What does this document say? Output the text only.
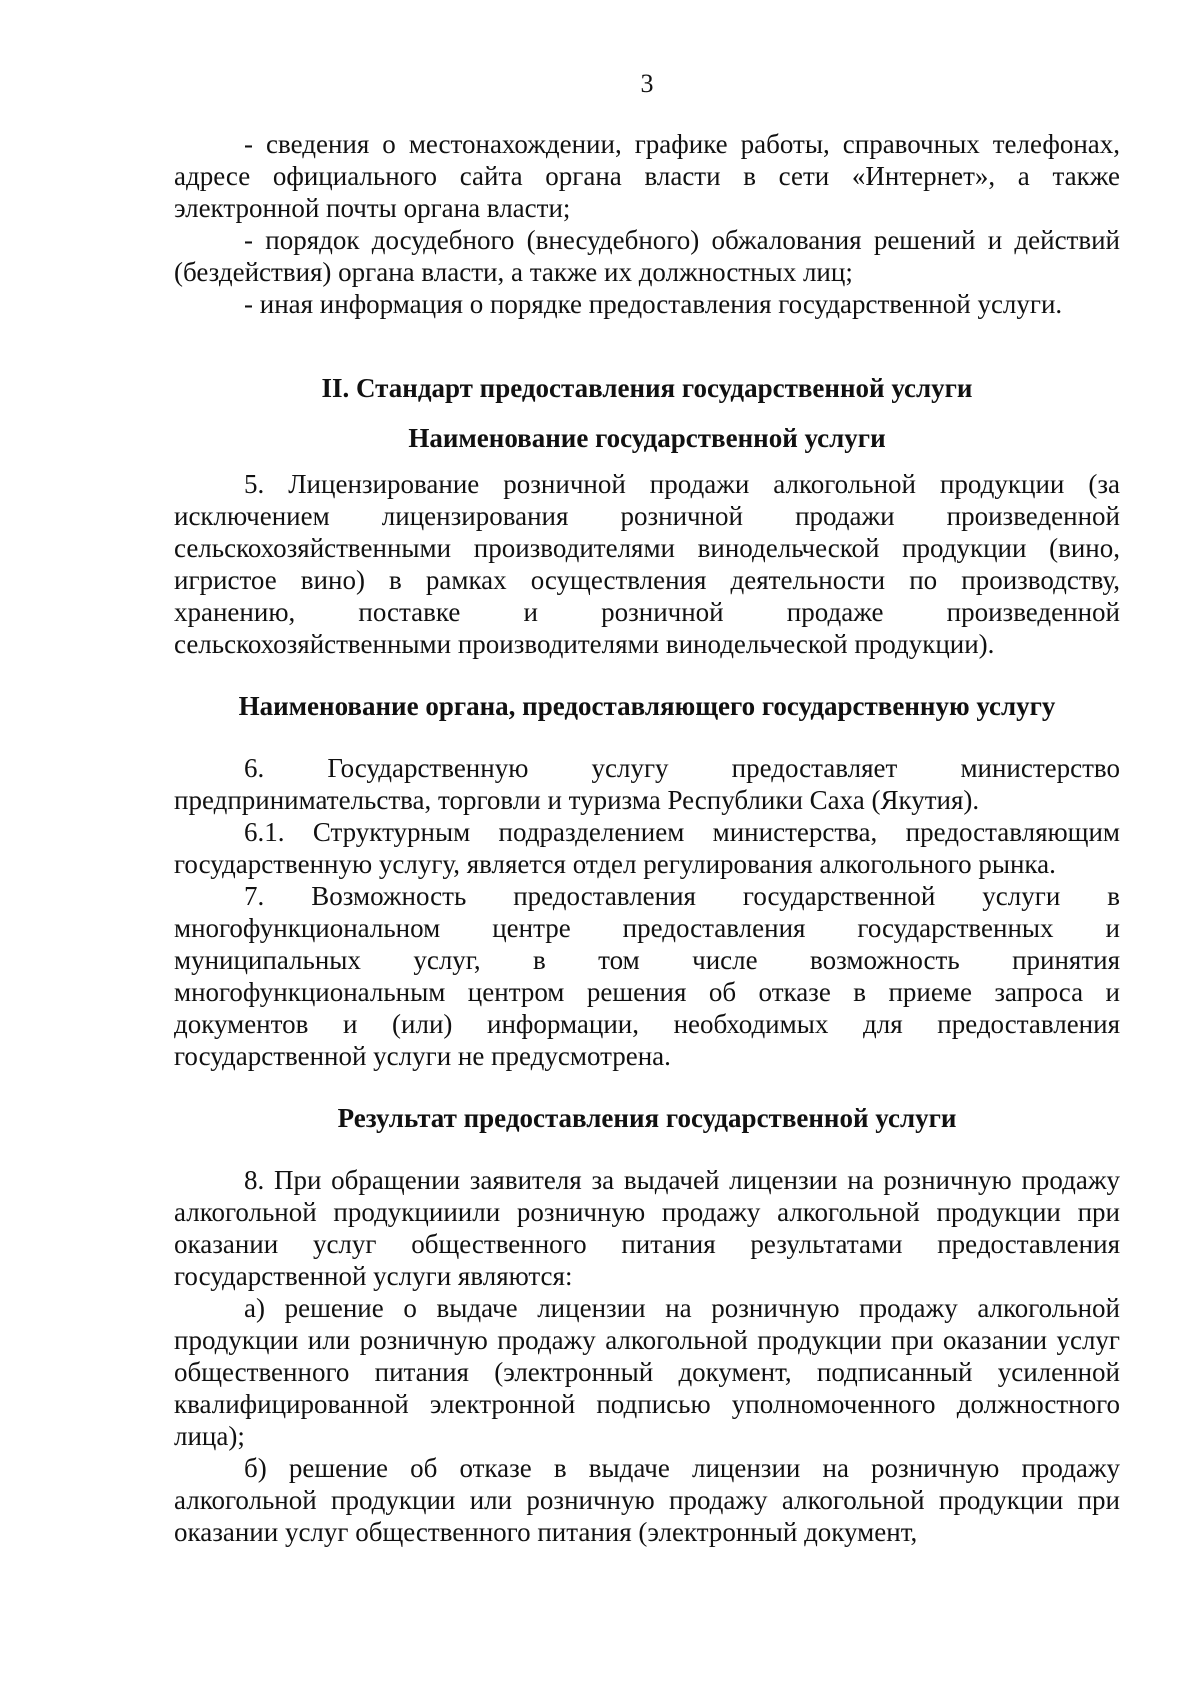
3

- сведения о местонахождении, графике работы, справочных телефонах, адресе официального сайта органа власти в сети «Интернет», а также электронной почты органа власти;

- порядок досудебного (внесудебного) обжалования решений и действий (бездействия) органа власти, а также их должностных лиц;

- иная информация о порядке предоставления государственной услуги.

II. Стандарт предоставления государственной услуги
Наименование государственной услуги

5. Лицензирование розничной продажи алкогольной продукции (за исключением лицензирования розничной продажи произведенной сельскохозяйственными производителями винодельческой продукции (вино, игристое вино) в рамках осуществления деятельности по производству, хранению, поставке и розничной продаже произведенной сельскохозяйственными производителями винодельческой продукции).

Наименование органа, предоставляющего государственную услугу

6. Государственную услугу предоставляет министерство предпринимательства, торговли и туризма Республики Саха (Якутия).

6.1. Структурным подразделением министерства, предоставляющим государственную услугу, является отдел регулирования алкогольного рынка.

7. Возможность предоставления государственной услуги в многофункциональном центре предоставления государственных и муниципальных услуг, в том числе возможность принятия многофункциональным центром решения об отказе в приеме запроса и документов и (или) информации, необходимых для предоставления государственной услуги не предусмотрена.

Результат предоставления государственной услуги

8. При обращении заявителя за выдачей лицензии на розничную продажу алкогольной продукцииили розничную продажу алкогольной продукции при оказании услуг общественного питания результатами предоставления государственной услуги являются:

а) решение о выдаче лицензии на розничную продажу алкогольной продукции или розничную продажу алкогольной продукции при оказании услуг общественного питания (электронный документ, подписанный усиленной квалифицированной электронной подписью уполномоченного должностного лица);

б) решение об отказе в выдаче лицензии на розничную продажу алкогольной продукции или розничную продажу алкогольной продукции при оказании услуг общественного питания (электронный документ,
